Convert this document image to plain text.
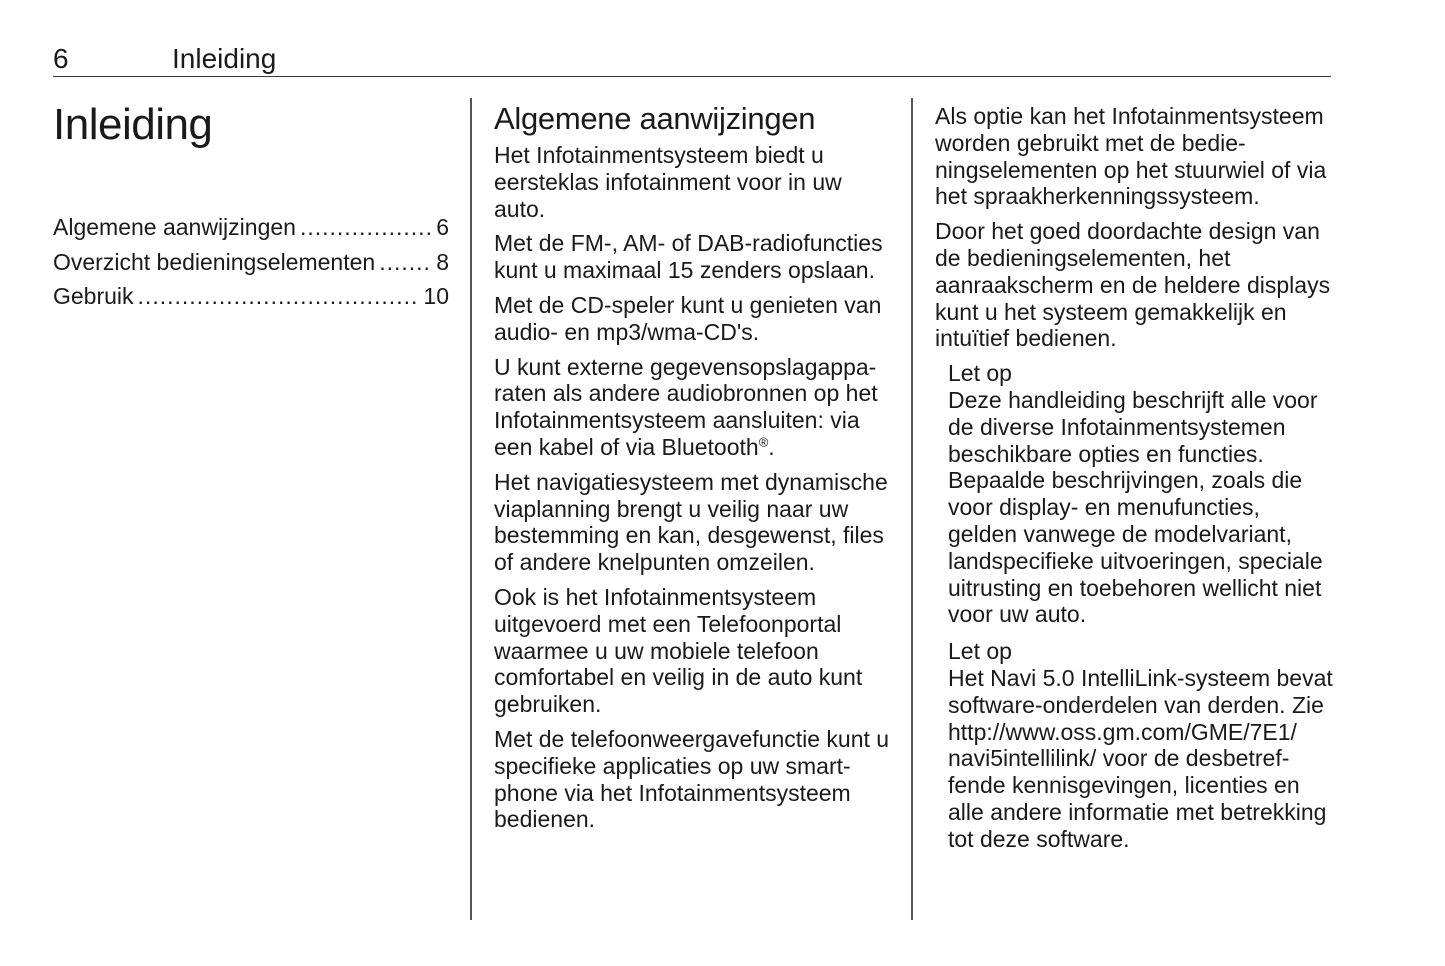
6	Inleiding
Inleiding
Algemene aanwijzingen .....	6
Overzicht bedieningselementen .....	8
Gebruik .....	10
Algemene aanwijzingen

Het Infotainmentsysteem biedt u eersteklas infotainment voor in uw auto.

Met de FM-, AM- of DAB-radiofuncties kunt u maximaal 15 zenders opslaan.

Met de CD-speler kunt u genieten van audio- en mp3/wma-CD's.

U kunt externe gegevensopslagapparaten als andere audiobronnen op het Infotainmentsysteem aansluiten: via een kabel of via Bluetooth®.

Het navigatiesysteem met dynamische viaplanning brengt u veilig naar uw bestemming en kan, desgewenst, files of andere knelpunten omzeilen.

Ook is het Infotainmentsysteem uitgevoerd met een Telefoonportal waarmee u uw mobiele telefoon comfortabel en veilig in de auto kunt gebruiken.

Met de telefoonweergavefunctie kunt u specifieke applicaties op uw smartphone via het Infotainmentsysteem bedienen.

Als optie kan het Infotainmentsysteem worden gebruikt met de bedieningselementen op het stuurwiel of via het spraakherkenningssysteem.

Door het goed doordachte design van de bedieningselementen, het aanraakscherm en de heldere displays kunt u het systeem gemakkelijk en intuïtief bedienen.

Let op
Deze handleiding beschrijft alle voor de diverse Infotainmentsystemen beschikbare opties en functies. Bepaalde beschrijvingen, zoals die voor display- en menufuncties, gelden vanwege de modelvariant, landspecifieke uitvoeringen, speciale uitrusting en toebehoren wellicht niet voor uw auto.
Let op
Het Navi 5.0 IntelliLink-systeem bevat software-onderdelen van derden. Zie http://www.oss.gm.com/GME/7E1/​navi5intellilink/ voor de desbetreffende kennisgevingen, licenties en alle andere informatie met betrekking tot deze software.
